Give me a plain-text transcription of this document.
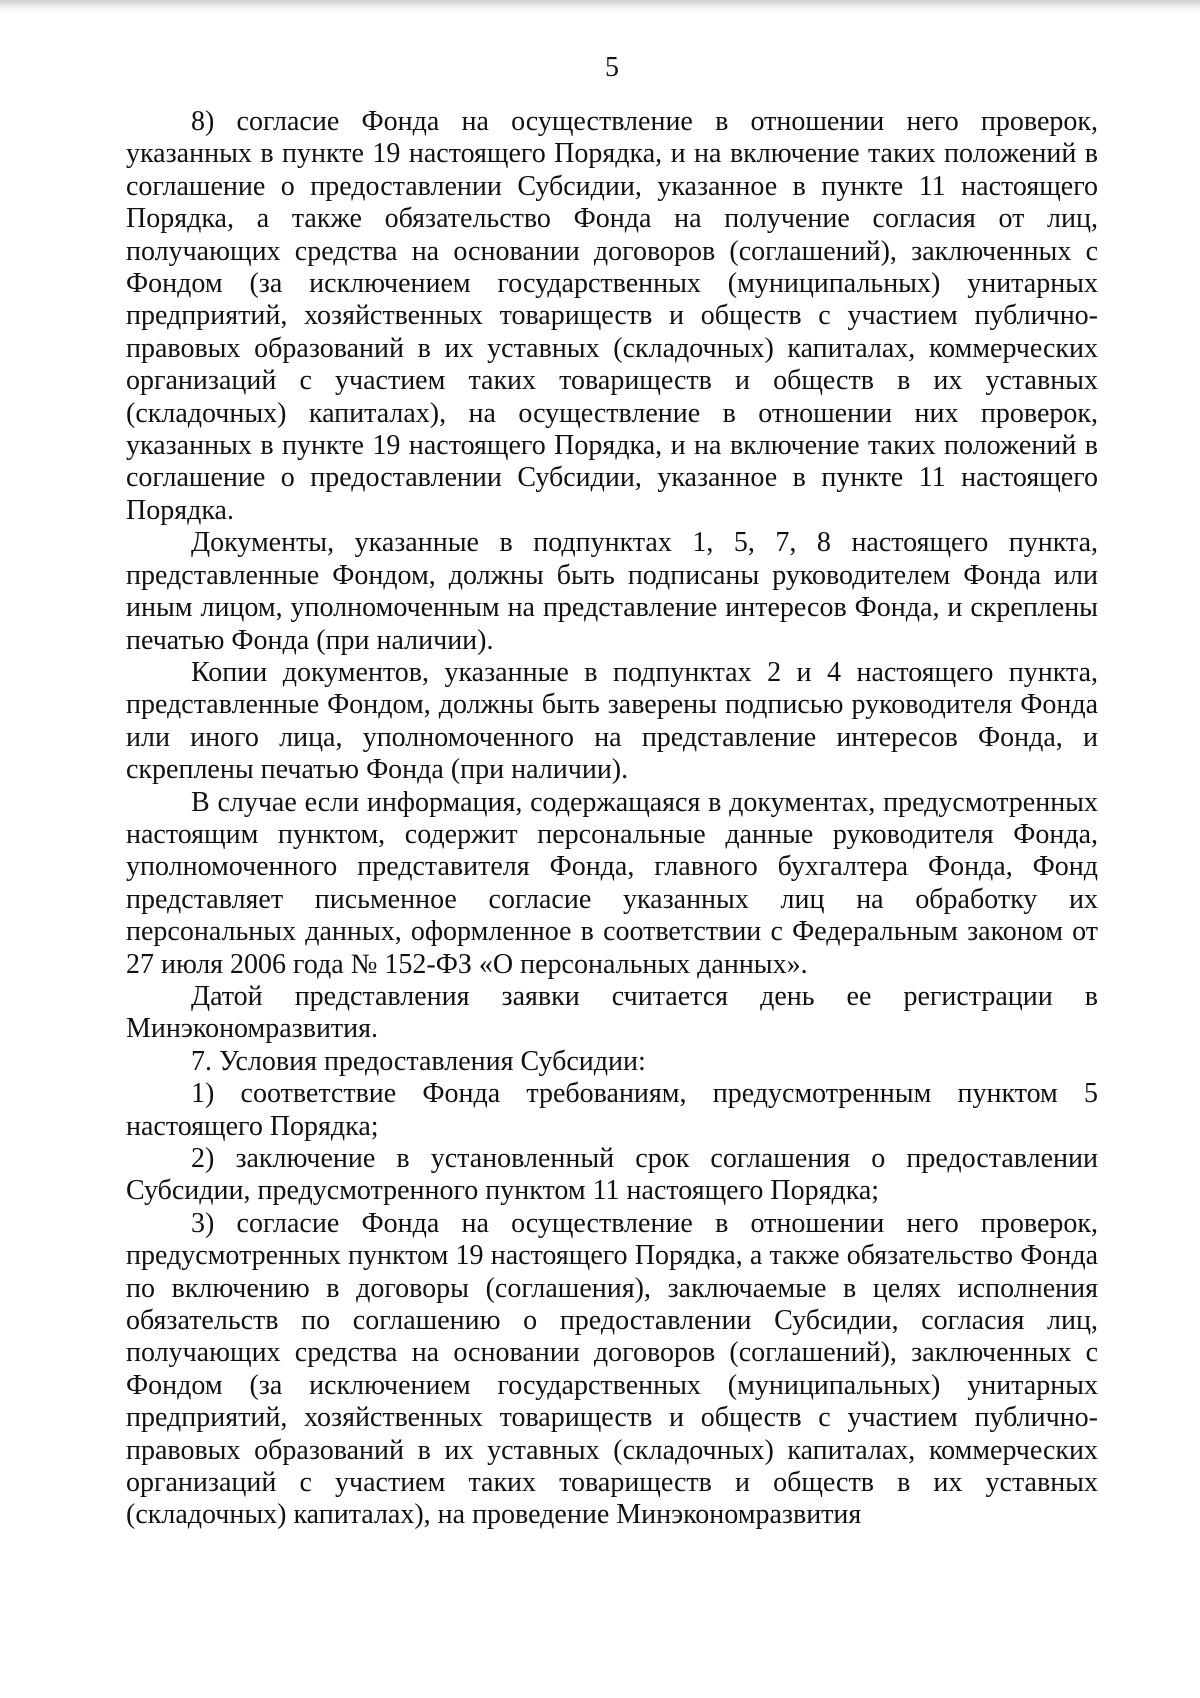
5

8) согласие Фонда на осуществление в отношении него проверок, указанных в пункте 19 настоящего Порядка, и на включение таких положений в соглашение о предоставлении Субсидии, указанное в пункте 11 настоящего Порядка, а также обязательство Фонда на получение согласия от лиц, получающих средства на основании договоров (соглашений), заключенных с Фондом (за исключением государственных (муниципальных) унитарных предприятий, хозяйственных товариществ и обществ с участием публично-правовых образований в их уставных (складочных) капиталах, коммерческих организаций с участием таких товариществ и обществ в их уставных (складочных) капиталах), на осуществление в отношении них проверок, указанных в пункте 19 настоящего Порядка, и на включение таких положений в соглашение о предоставлении Субсидии, указанное в пункте 11 настоящего Порядка.

Документы, указанные в подпунктах 1, 5, 7, 8 настоящего пункта, представленные Фондом, должны быть подписаны руководителем Фонда или иным лицом, уполномоченным на представление интересов Фонда, и скреплены печатью Фонда (при наличии).

Копии документов, указанные в подпунктах 2 и 4 настоящего пункта, представленные Фондом, должны быть заверены подписью руководителя Фонда или иного лица, уполномоченного на представление интересов Фонда, и скреплены печатью Фонда (при наличии).

В случае если информация, содержащаяся в документах, предусмотренных настоящим пунктом, содержит персональные данные руководителя Фонда, уполномоченного представителя Фонда, главного бухгалтера Фонда, Фонд представляет письменное согласие указанных лиц на обработку их персональных данных, оформленное в соответствии с Федеральным законом от 27 июля 2006 года № 152-ФЗ «О персональных данных».

Датой представления заявки считается день ее регистрации в Минэкономразвития.

7. Условия предоставления Субсидии:

1) соответствие Фонда требованиям, предусмотренным пунктом 5 настоящего Порядка;

2) заключение в установленный срок соглашения о предоставлении Субсидии, предусмотренного пунктом 11 настоящего Порядка;

3) согласие Фонда на осуществление в отношении него проверок, предусмотренных пунктом 19 настоящего Порядка, а также обязательство Фонда по включению в договоры (соглашения), заключаемые в целях исполнения обязательств по соглашению о предоставлении Субсидии, согласия лиц, получающих средства на основании договоров (соглашений), заключенных с Фондом (за исключением государственных (муниципальных) унитарных предприятий, хозяйственных товариществ и обществ с участием публично-правовых образований в их уставных (складочных) капиталах, коммерческих организаций с участием таких товариществ и обществ в их уставных (складочных) капиталах), на проведение Минэкономразвития
